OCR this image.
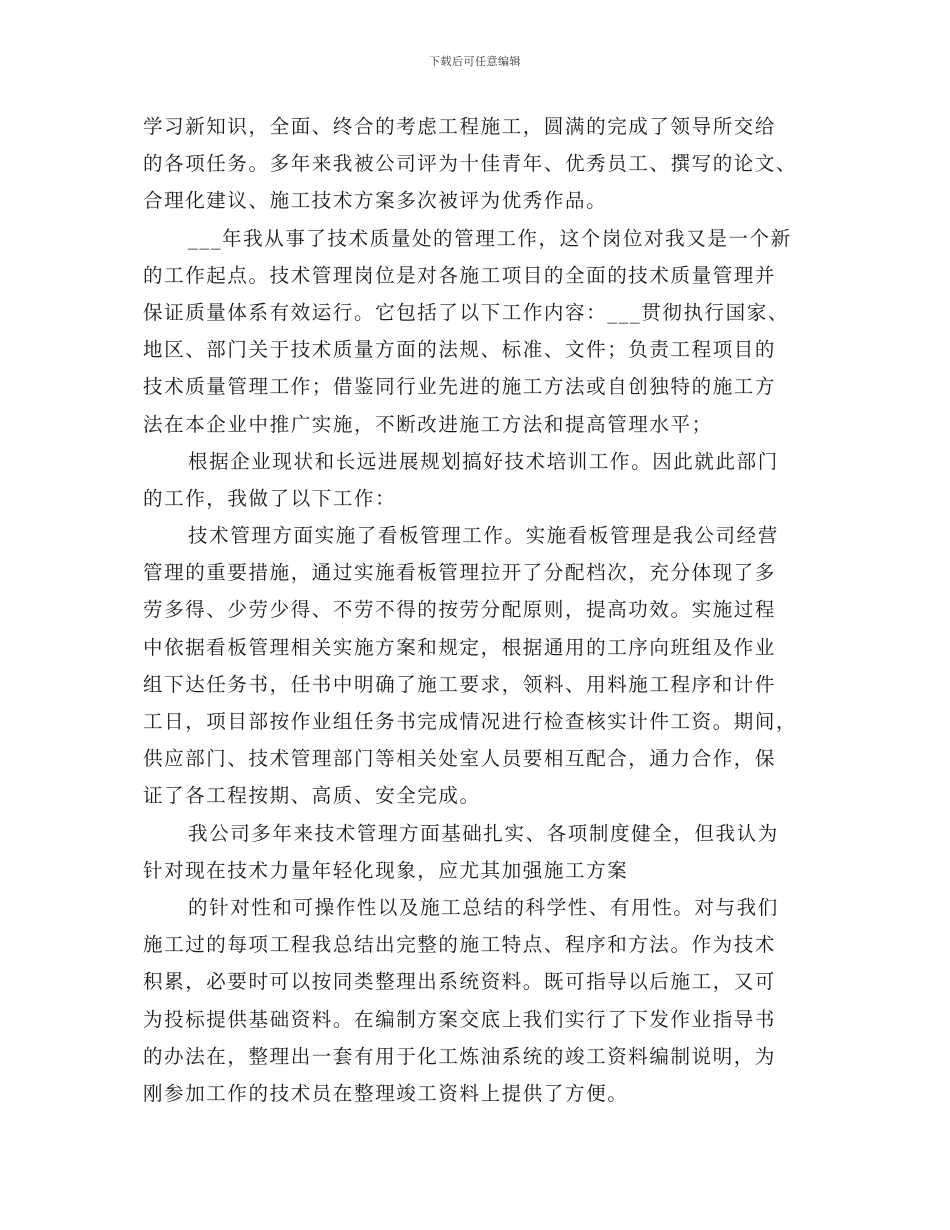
下载后可任意编辑
学习新知识，全面、终合的考虑工程施工，圆满的完成了领导所交给
的各项任务。多年来我被公司评为十佳青年、优秀员工、撰写的论文、
合理化建议、施工技术方案多次被评为优秀作品。
___年我从事了技术质量处的管理工作，这个岗位对我又是一个新
的工作起点。技术管理岗位是对各施工项目的全面的技术质量管理并
保证质量体系有效运行。它包括了以下工作内容：___贯彻执行国家、
地区、部门关于技术质量方面的法规、标准、文件；负责工程项目的
技术质量管理工作；借鉴同行业先进的施工方法或自创独特的施工方
法在本企业中推广实施，不断改进施工方法和提高管理水平；
根据企业现状和长远进展规划搞好技术培训工作。因此就此部门
的工作，我做了以下工作：
技术管理方面实施了看板管理工作。实施看板管理是我公司经营
管理的重要措施，通过实施看板管理拉开了分配档次，充分体现了多
劳多得、少劳少得、不劳不得的按劳分配原则，提高功效。实施过程
中依据看板管理相关实施方案和规定，根据通用的工序向班组及作业
组下达任务书，任书中明确了施工要求，领料、用料施工程序和计件
工日，项目部按作业组任务书完成情况进行检查核实计件工资。期间，
供应部门、技术管理部门等相关处室人员要相互配合，通力合作，保
证了各工程按期、高质、安全完成。
我公司多年来技术管理方面基础扎实、各项制度健全，但我认为
针对现在技术力量年轻化现象，应尤其加强施工方案
的针对性和可操作性以及施工总结的科学性、有用性。对与我们
施工过的每项工程我总结出完整的施工特点、程序和方法。作为技术
积累，必要时可以按同类整理出系统资料。既可指导以后施工，又可
为投标提供基础资料。在编制方案交底上我们实行了下发作业指导书
的办法在，整理出一套有用于化工炼油系统的竣工资料编制说明，为
刚参加工作的技术员在整理竣工资料上提供了方便。
